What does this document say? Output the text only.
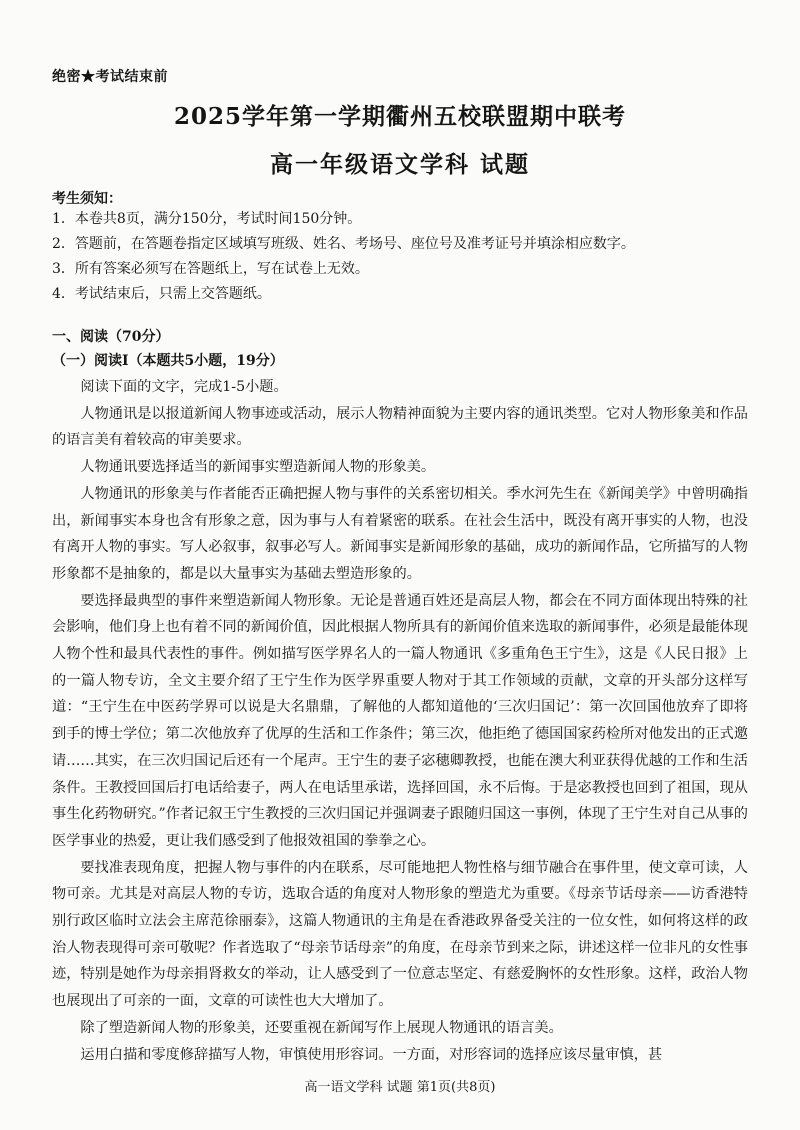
绝密★考试结束前
2025学年第一学期衢州五校联盟期中联考
高一年级语文学科 试题
考生须知：
1．本卷共8页，满分150分，考试时间150分钟。
2．答题前，在答题卷指定区域填写班级、姓名、考场号、座位号及准考证号并填涂相应数字。
3．所有答案必须写在答题纸上，写在试卷上无效。
4．考试结束后，只需上交答题纸。
一、阅读（70分）
（一）阅读Ⅰ（本题共5小题，19分）

阅读下面的文字，完成1-5小题。

人物通讯是以报道新闻人物事迹或活动，展示人物精神面貌为主要内容的通讯类型。它对人物形象美和作品的语言美有着较高的审美要求。

人物通讯要选择适当的新闻事实塑造新闻人物的形象美。

人物通讯的形象美与作者能否正确把握人物与事件的关系密切相关。季水河先生在《新闻美学》中曾明确指出，新闻事实本身也含有形象之意，因为事与人有着紧密的联系。在社会生活中，既没有离开事实的人物，也没有离开人物的事实。写人必叙事，叙事必写人。新闻事实是新闻形象的基础，成功的新闻作品，它所描写的人物形象都不是抽象的，都是以大量事实为基础去塑造形象的。

要选择最典型的事件来塑造新闻人物形象。无论是普通百姓还是高层人物，都会在不同方面体现出特殊的社会影响，他们身上也有着不同的新闻价值，因此根据人物所具有的新闻价值来选取的新闻事件，必须是最能体现人物个性和最具代表性的事件。例如描写医学界名人的一篇人物通讯《多重角色王宁生》，这是《人民日报》上的一篇人物专访，全文主要介绍了王宁生作为医学界重要人物对于其工作领域的贡献，文章的开头部分这样写道：“王宁生在中医药学界可以说是大名鼎鼎，了解他的人都知道他的‘三次归国记’：第一次回国他放弃了即将到手的博士学位；第二次他放弃了优厚的生活和工作条件；第三次，他拒绝了德国国家药检所对他发出的正式邀请……其实，在三次归国记后还有一个尾声。王宁生的妻子宓穗卿教授，也能在澳大利亚获得优越的工作和生活条件。王教授回国后打电话给妻子，两人在电话里承诺，选择回国，永不后悔。于是宓教授也回到了祖国，现从事生化药物研究。”作者记叙王宁生教授的三次归国记并强调妻子跟随归国这一事例，体现了王宁生对自己从事的医学事业的热爱，更让我们感受到了他报效祖国的拳拳之心。

要找准表现角度，把握人物与事件的内在联系，尽可能地把人物性格与细节融合在事件里，使文章可读，人物可亲。尤其是对高层人物的专访，选取合适的角度对人物形象的塑造尤为重要。《母亲节话母亲——访香港特别行政区临时立法会主席范徐丽泰》，这篇人物通讯的主角是在香港政界备受关注的一位女性，如何将这样的政治人物表现得可亲可敬呢？作者选取了“母亲节话母亲”的角度，在母亲节到来之际，讲述这样一位非凡的女性事迹，特别是她作为母亲捐肾救女的举动，让人感受到了一位意志坚定、有慈爱胸怀的女性形象。这样，政治人物也展现出了可亲的一面，文章的可读性也大大增加了。

除了塑造新闻人物的形象美，还要重视在新闻写作上展现人物通讯的语言美。

运用白描和零度修辞描写人物，审慎使用形容词。一方面，对形容词的选择应该尽量审慎，甚

高一语文学科 试题 第1页(共8页)
